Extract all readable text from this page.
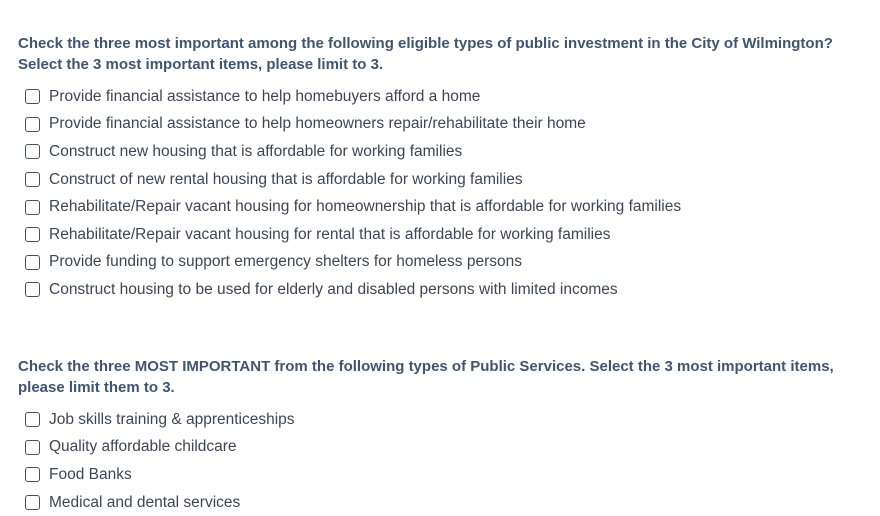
Check the three most important among the following eligible types of public investment in the City of Wilmington? Select the 3 most important items, please limit to 3.

Provide financial assistance to help homebuyers afford a home
Provide financial assistance to help homeowners repair/rehabilitate their home
Construct new housing that is affordable for working families
Construct of new rental housing that is affordable for working families
Rehabilitate/Repair vacant housing for homeownership that is affordable for working families
Rehabilitate/Repair vacant housing for rental that is affordable for working families
Provide funding to support emergency shelters for homeless persons
Construct housing to be used for elderly and disabled persons with limited incomes

Check the three MOST IMPORTANT from the following types of Public Services. Select the 3 most important items, please limit them to 3.

Job skills training & apprenticeships
Quality affordable childcare
Food Banks
Medical and dental services
